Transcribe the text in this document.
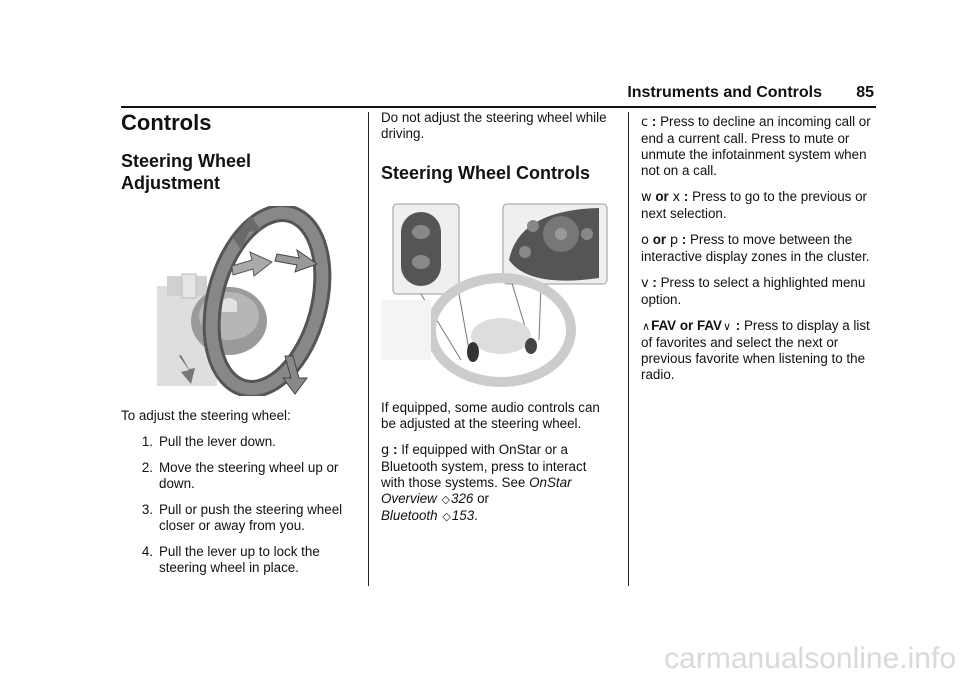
Instruments and Controls 85
Controls
Steering Wheel
Adjustment

To adjust the steering wheel:

1. Pull the lever down.
2. Move the steering wheel up or down.
3. Pull or push the steering wheel closer or away from you.
4. Pull the lever up to lock the steering wheel in place.

Do not adjust the steering wheel while driving.

Steering Wheel Controls

If equipped, some audio controls can be adjusted at the steering wheel.

g : If equipped with OnStar or a Bluetooth system, press to interact with those systems. See OnStar Overview ◇326 or
Bluetooth ◇153.

c : Press to decline an incoming call or end a current call. Press to mute or unmute the infotainment system when not on a call.

w or x : Press to go to the previous or next selection.

o or p : Press to move between the interactive display zones in the cluster.

v : Press to select a highlighted menu option.

∧FAV or FAV∨ : Press to display a list of favorites and select the next or previous favorite when listening to the radio.

carmanualsonline.info
